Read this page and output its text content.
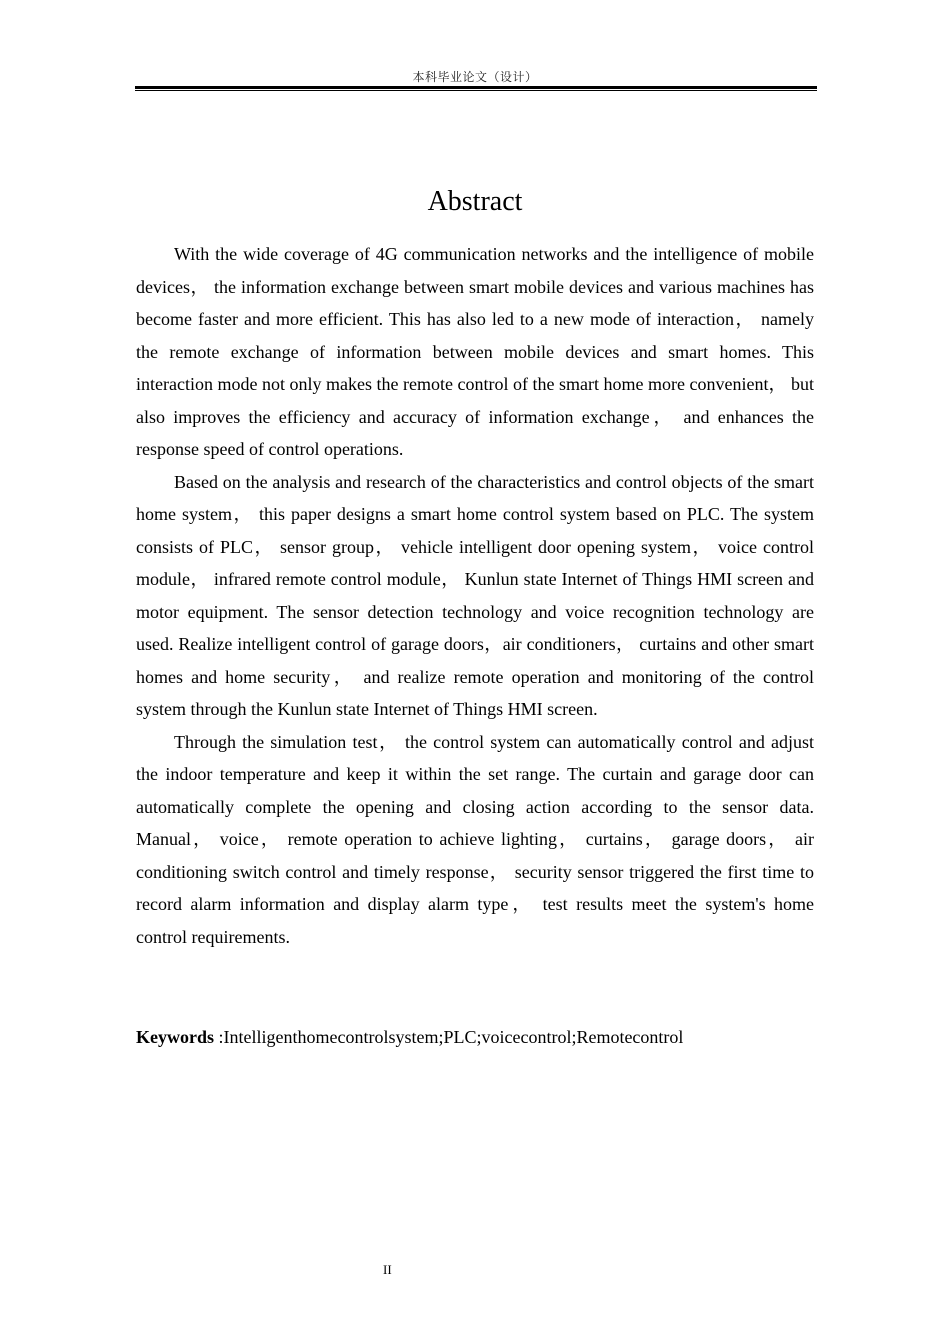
本科毕业论文（设计）
Abstract

With the wide coverage of 4G communication networks and the intelligence of mobile devices， the information exchange between smart mobile devices and various machines has become faster and more efficient. This has also led to a new mode of interaction， namely the remote exchange of information between mobile devices and smart homes. This interaction mode not only makes the remote control of the smart home more convenient， but also improves the efficiency and accuracy of information exchange， and enhances the response speed of control operations.

Based on the analysis and research of the characteristics and control objects of the smart home system， this paper designs a smart home control system based on PLC. The system consists of PLC， sensor group， vehicle intelligent door opening system， voice control module， infrared remote control module， Kunlun state Internet of Things HMI screen and motor equipment. The sensor detection technology and voice recognition technology are used. Realize intelligent control of garage doors，air conditioners， curtains and other smart homes and home security， and realize remote operation and monitoring of the control system through the Kunlun state Internet of Things HMI screen.

Through the simulation test， the control system can automatically control and adjust the indoor temperature and keep it within the set range. The curtain and garage door can automatically complete the opening and closing action according to the sensor data. Manual， voice， remote operation to achieve lighting， curtains， garage doors， air conditioning switch control and timely response， security sensor triggered the first time to record alarm information and display alarm type， test results meet the system's home control requirements.

Keywords :Intelligenthomecontrolsystem;PLC;voicecontrol;Remotecontrol

II
